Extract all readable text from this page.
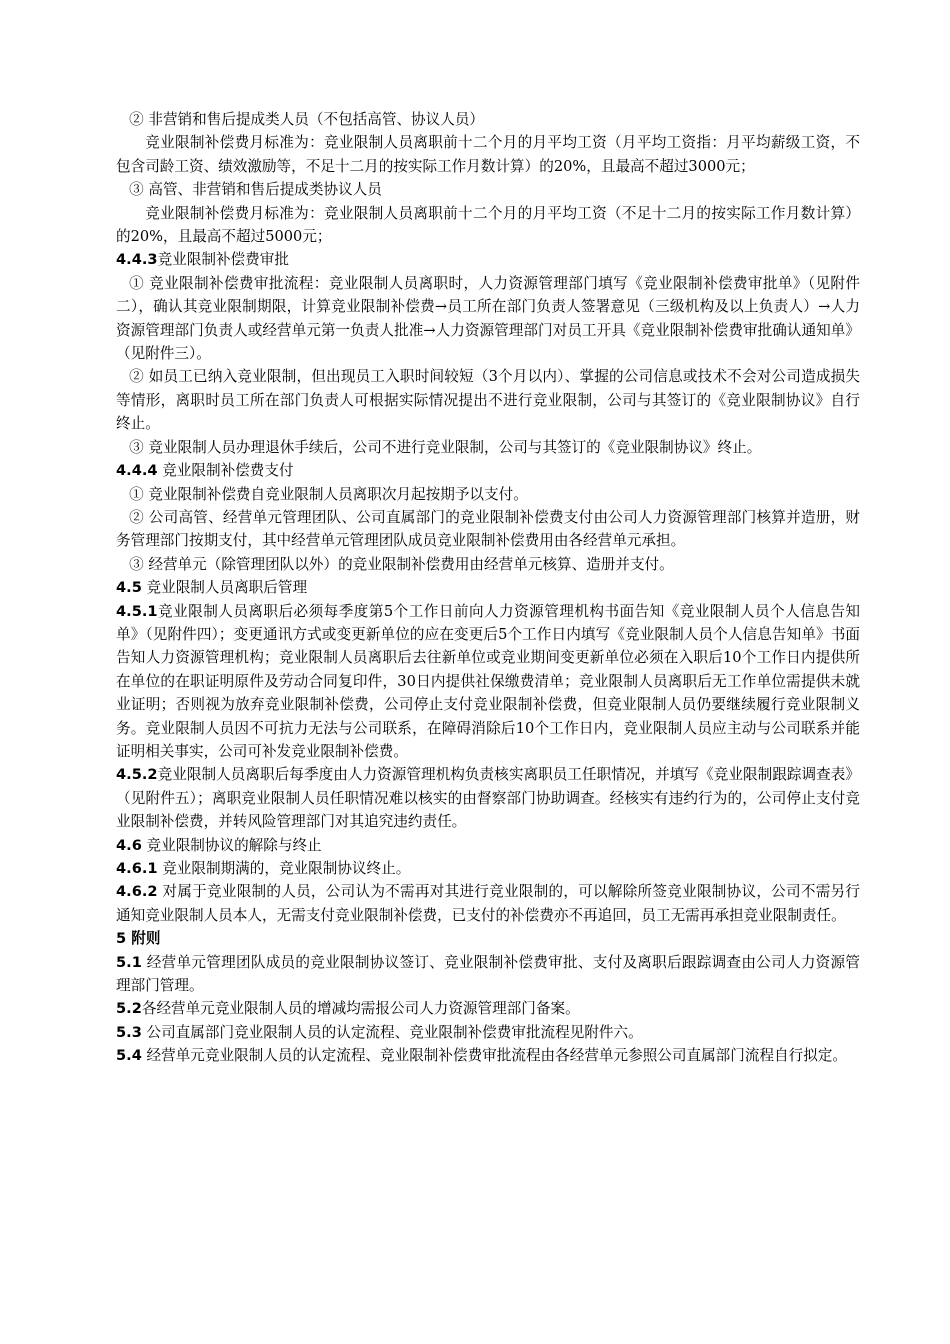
② 非营销和售后提成类人员（不包括高管、协议人员）

竞业限制补偿费月标准为：竞业限制人员离职前十二个月的月平均工资（月平均工资指：月平均薪级工资，不包含司龄工资、绩效激励等，不足十二月的按实际工作月数计算）的20%，且最高不超过3000元；

③ 高管、非营销和售后提成类协议人员

竞业限制补偿费月标准为：竞业限制人员离职前十二个月的月平均工资（不足十二月的按实际工作月数计算）的20%，且最高不超过5000元；

4.4.3竞业限制补偿费审批

① 竞业限制补偿费审批流程：竞业限制人员离职时，人力资源管理部门填写《竞业限制补偿费审批单》（见附件二），确认其竞业限制期限，计算竞业限制补偿费→员工所在部门负责人签署意见（三级机构及以上负责人）→人力资源管理部门负责人或经营单元第一负责人批准→人力资源管理部门对员工开具《竞业限制补偿费审批确认通知单》（见附件三）。

② 如员工已纳入竞业限制，但出现员工入职时间较短（3个月以内）、掌握的公司信息或技术不会对公司造成损失等情形，离职时员工所在部门负责人可根据实际情况提出不进行竞业限制，公司与其签订的《竞业限制协议》自行终止。

③ 竞业限制人员办理退休手续后，公司不进行竞业限制，公司与其签订的《竞业限制协议》终止。

4.4.4 竞业限制补偿费支付

① 竞业限制补偿费自竞业限制人员离职次月起按期予以支付。

② 公司高管、经营单元管理团队、公司直属部门的竞业限制补偿费支付由公司人力资源管理部门核算并造册，财务管理部门按期支付，其中经营单元管理团队成员竞业限制补偿费用由各经营单元承担。

③ 经营单元（除管理团队以外）的竞业限制补偿费用由经营单元核算、造册并支付。

4.5 竞业限制人员离职后管理

4.5.1竞业限制人员离职后必须每季度第5个工作日前向人力资源管理机构书面告知《竞业限制人员个人信息告知单》（见附件四）；变更通讯方式或变更新单位的应在变更后5个工作日内填写《竞业限制人员个人信息告知单》书面告知人力资源管理机构；竞业限制人员离职后去往新单位或竞业期间变更新单位必须在入职后10个工作日内提供所在单位的在职证明原件及劳动合同复印件，30日内提供社保缴费清单；竞业限制人员离职后无工作单位需提供未就业证明；否则视为放弃竞业限制补偿费，公司停止支付竞业限制补偿费，但竞业限制人员仍要继续履行竞业限制义务。竞业限制人员因不可抗力无法与公司联系，在障碍消除后10个工作日内，竞业限制人员应主动与公司联系并能证明相关事实，公司可补发竞业限制补偿费。

4.5.2竞业限制人员离职后每季度由人力资源管理机构负责核实离职员工任职情况，并填写《竞业限制跟踪调查表》（见附件五）；离职竞业限制人员任职情况难以核实的由督察部门协助调查。经核实有违约行为的，公司停止支付竞业限制补偿费，并转风险管理部门对其追究违约责任。

4.6 竞业限制协议的解除与终止

4.6.1 竞业限制期满的，竞业限制协议终止。

4.6.2 对属于竞业限制的人员，公司认为不需再对其进行竞业限制的，可以解除所签竞业限制协议，公司不需另行通知竞业限制人员本人，无需支付竞业限制补偿费，已支付的补偿费亦不再追回，员工无需再承担竞业限制责任。

5 附则

5.1 经营单元管理团队成员的竞业限制协议签订、竞业限制补偿费审批、支付及离职后跟踪调查由公司人力资源管理部门管理。

5.2各经营单元竞业限制人员的增减均需报公司人力资源管理部门备案。

5.3 公司直属部门竞业限制人员的认定流程、竞业限制补偿费审批流程见附件六。

5.4 经营单元竞业限制人员的认定流程、竞业限制补偿费审批流程由各经营单元参照公司直属部门流程自行拟定。
